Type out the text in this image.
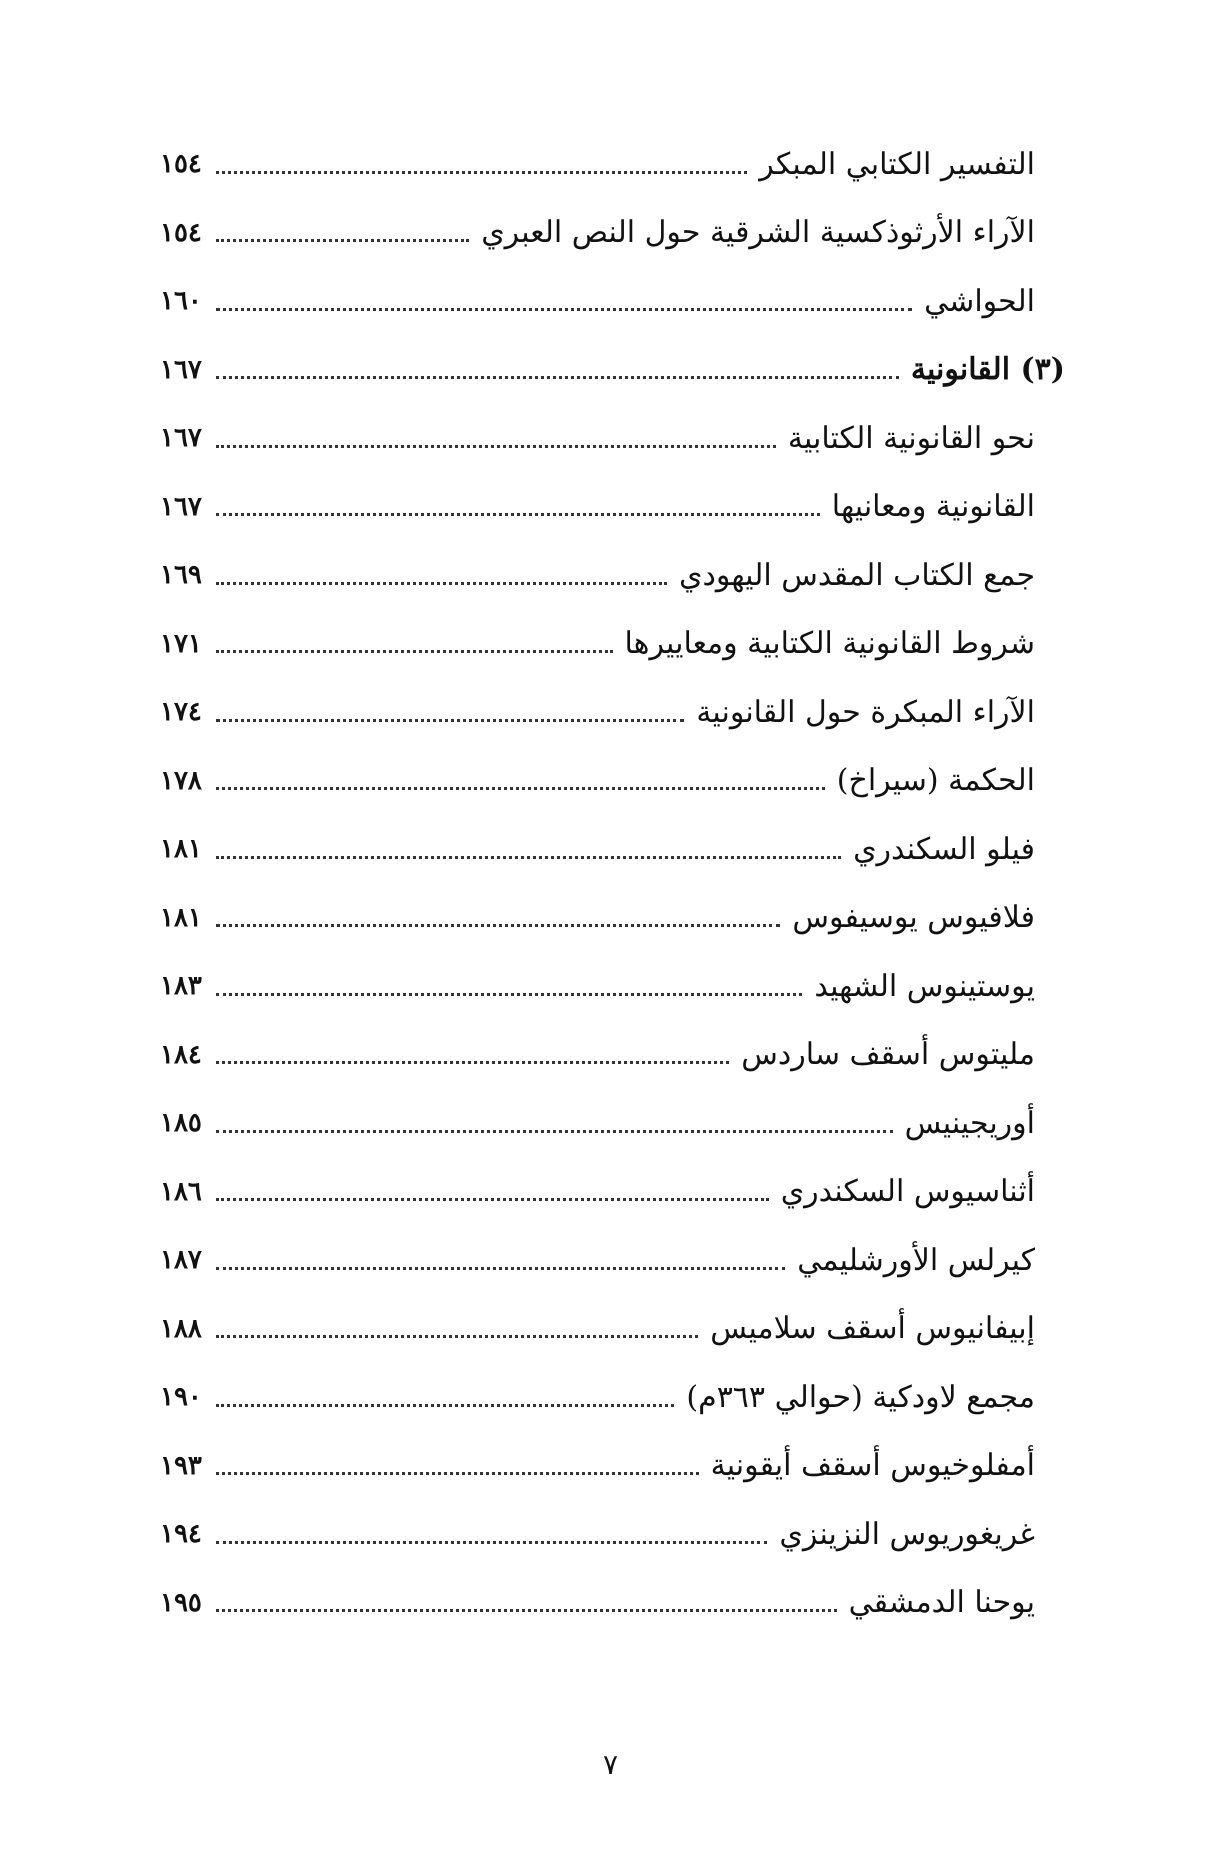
التفسير الكتابي المبكر
١٥٤
الآراء الأرثوذكسية الشرقية حول النص العبري
١٥٤
الحواشي
١٦٠
(٣) القانونية
١٦٧
نحو القانونية الكتابية
١٦٧
القانونية ومعانيها
١٦٧
جمع الكتاب المقدس اليهودي
١٦٩
شروط القانونية الكتابية ومعاييرها
١٧١
الآراء المبكرة حول القانونية
١٧٤
الحكمة (سيراخ)
١٧٨
فيلو السكندري
١٨١
فلافيوس يوسيفوس
١٨١
يوستينوس الشهيد
١٨٣
مليتوس أسقف ساردس
١٨٤
أوريجينيس
١٨٥
أثناسيوس السكندري
١٨٦
كيرلس الأورشليمي
١٨٧
إبيفانيوس أسقف سلاميس
١٨٨
مجمع لاودكية (حوالي ٣٦٣م)
١٩٠
أمفلوخيوس أسقف أيقونية
١٩٣
غريغوريوس النزينزي
١٩٤
يوحنا الدمشقي
١٩٥
٧
